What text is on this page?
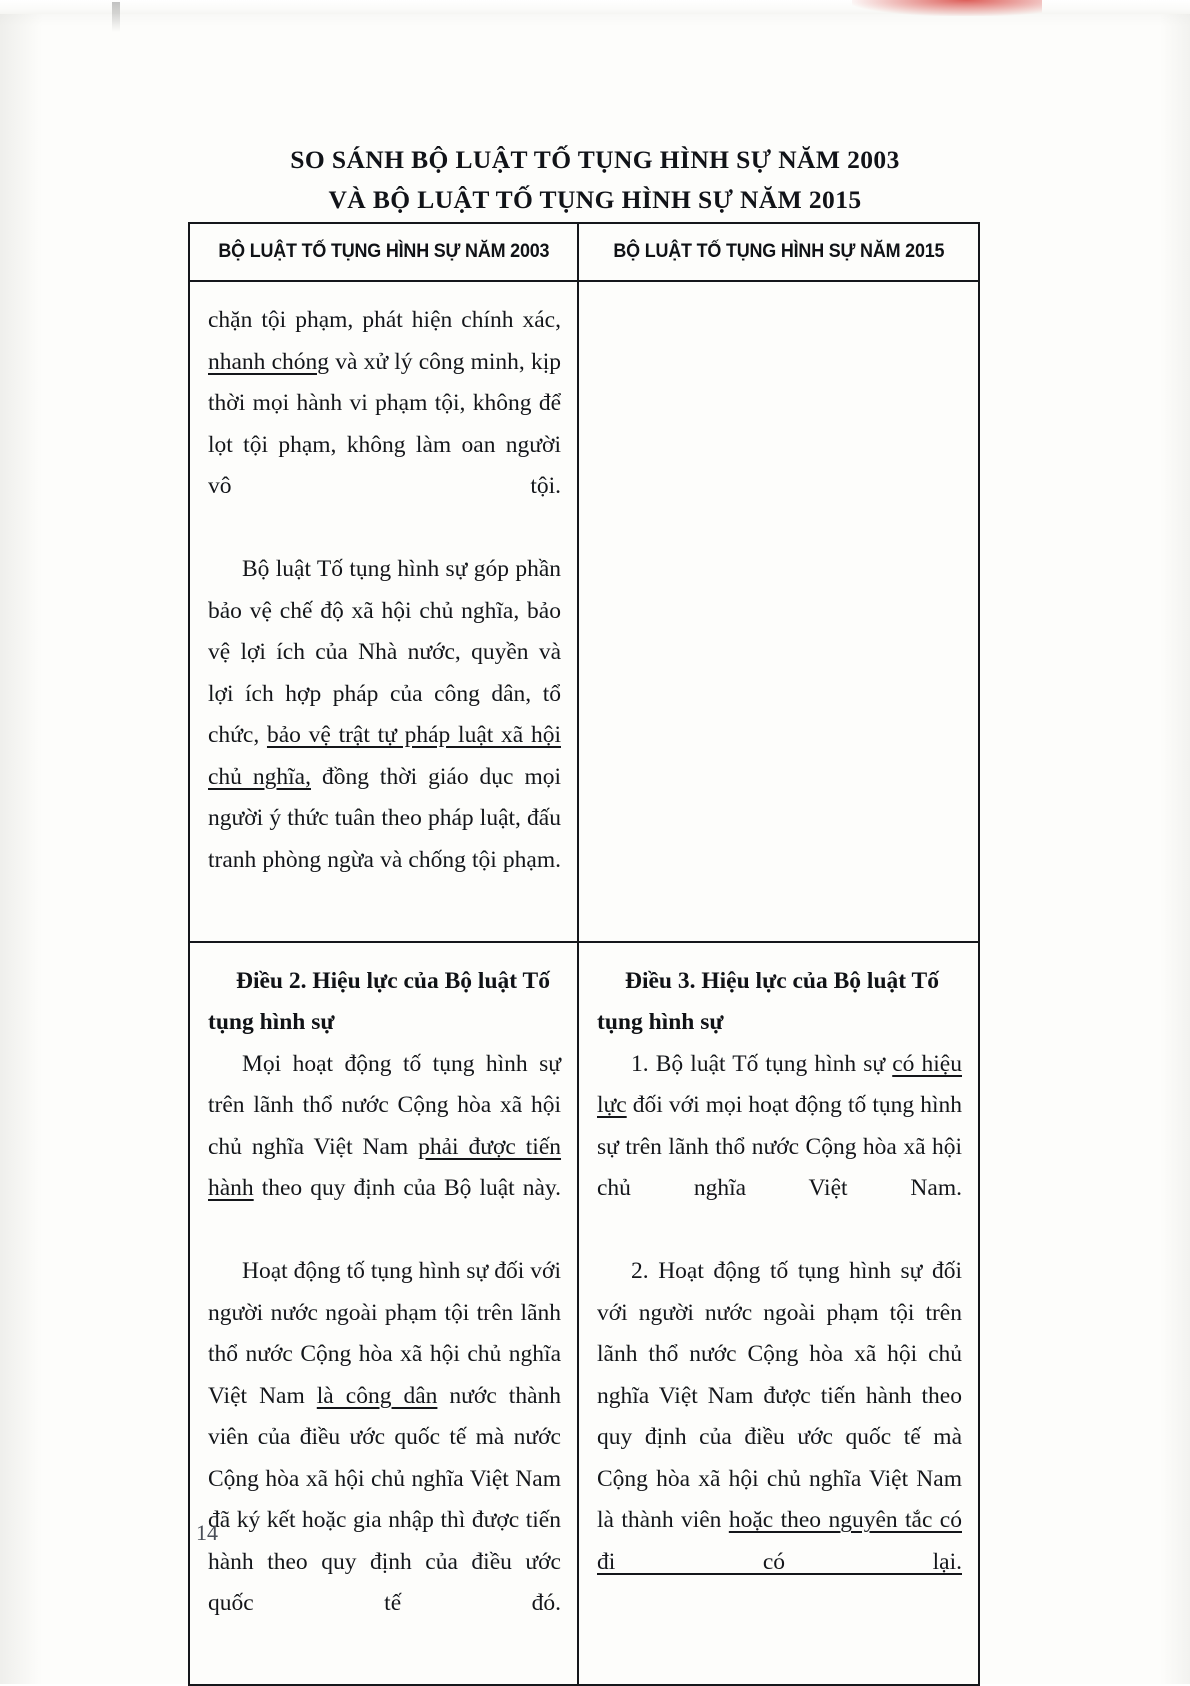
SO SÁNH BỘ LUẬT TỐ TỤNG HÌNH SỰ NĂM 2003
VÀ BỘ LUẬT TỐ TỤNG HÌNH SỰ NĂM 2015
BỘ LUẬT TỐ TỤNG HÌNH SỰ NĂM 2003	BỘ LUẬT TỐ TỤNG HÌNH SỰ NĂM 2015

chặn tội phạm, phát hiện chính xác, nhanh chóng và xử lý công minh, kịp thời mọi hành vi phạm tội, không để lọt tội phạm, không làm oan người vô tội.

Bộ luật Tố tụng hình sự góp phần bảo vệ chế độ xã hội chủ nghĩa, bảo vệ lợi ích của Nhà nước, quyền và lợi ích hợp pháp của công dân, tổ chức, bảo vệ trật tự pháp luật xã hội chủ nghĩa, đồng thời giáo dục mọi người ý thức tuân theo pháp luật, đấu tranh phòng ngừa và chống tội phạm.

Điều 2. Hiệu lực của Bộ luật Tố tụng hình sự

Mọi hoạt động tố tụng hình sự trên lãnh thổ nước Cộng hòa xã hội chủ nghĩa Việt Nam phải được tiến hành theo quy định của Bộ luật này.

Hoạt động tố tụng hình sự đối với người nước ngoài phạm tội trên lãnh thổ nước Cộng hòa xã hội chủ nghĩa Việt Nam là công dân nước thành viên của điều ước quốc tế mà nước Cộng hòa xã hội chủ nghĩa Việt Nam đã ký kết hoặc gia nhập thì được tiến hành theo quy định của điều ước quốc tế đó.

Điều 3. Hiệu lực của Bộ luật Tố tụng hình sự

1. Bộ luật Tố tụng hình sự có hiệu lực đối với mọi hoạt động tố tụng hình sự trên lãnh thổ nước Cộng hòa xã hội chủ nghĩa Việt Nam.

2. Hoạt động tố tụng hình sự đối với người nước ngoài phạm tội trên lãnh thổ nước Cộng hòa xã hội chủ nghĩa Việt Nam được tiến hành theo quy định của điều ước quốc tế mà Cộng hòa xã hội chủ nghĩa Việt Nam là thành viên hoặc theo nguyên tắc có đi có lại.

14
